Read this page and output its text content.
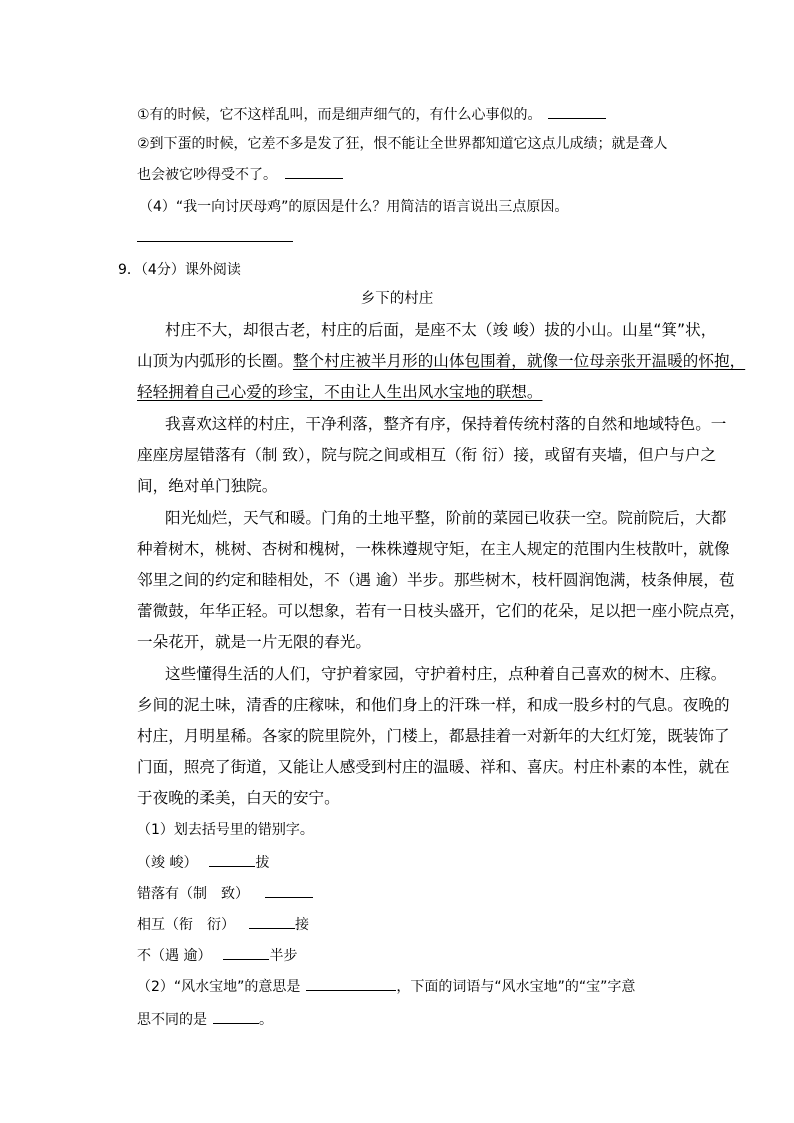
①有的时候，它不这样乱叫，而是细声细气的，有什么心事似的。
②到下蛋的时候，它差不多是发了狂，恨不能让全世界都知道它这点儿成绩；就是聋人
也会被它吵得受不了。
（4）“我一向讨厌母鸡”的原因是什么？用简洁的语言说出三点原因。
9．（4分）课外阅读
乡下的村庄
村庄不大，却很古老，村庄的后面，是座不太（竣 峻）拔的小山。山星“箕”状，
山顶为内弧形的长圈。整个村庄被半月形的山体包围着，就像一位母亲张开温暖的怀抱，
轻轻拥着自己心爱的珍宝，不由让人生出风水宝地的联想。
我喜欢这样的村庄，干净利落，整齐有序，保持着传统村落的自然和地域特色。一
座座房屋错落有（制 致），院与院之间或相互（衔 衍）接，或留有夹墙，但户与户之
间，绝对单门独院。
阳光灿烂，天气和暖。门角的土地平整，阶前的菜园已收获一空。院前院后，大都
种着树木，桃树、杏树和槐树，一株株遵规守矩，在主人规定的范围内生枝散叶，就像
邻里之间的约定和睦相处，不（遇 逾）半步。那些树木，枝杆圆润饱满，枝条伸展，苞
蕾微鼓，年华正轻。可以想象，若有一日枝头盛开，它们的花朵，足以把一座小院点亮，
一朵花开，就是一片无限的春光。
这些懂得生活的人们，守护着家园，守护着村庄，点种着自己喜欢的树木、庄稼。
乡间的泥土味，清香的庄稼味，和他们身上的汗珠一样，和成一股乡村的气息。夜晚的
村庄，月明星稀。各家的院里院外，门楼上，都悬挂着一对新年的大红灯笼，既装饰了
门面，照亮了街道，又能让人感受到村庄的温暖、祥和、喜庆。村庄朴素的本性，就在
于夜晚的柔美，白天的安宁。
（1）划去括号里的错别字。
（竣 峻）	拔
错落有（制　致）
相互（衔　衍）	接
不（遇 逾）	半步
（2）“风水宝地”的意思是	，下面的词语与“风水宝地”的“宝”字意
思不同的是	。
